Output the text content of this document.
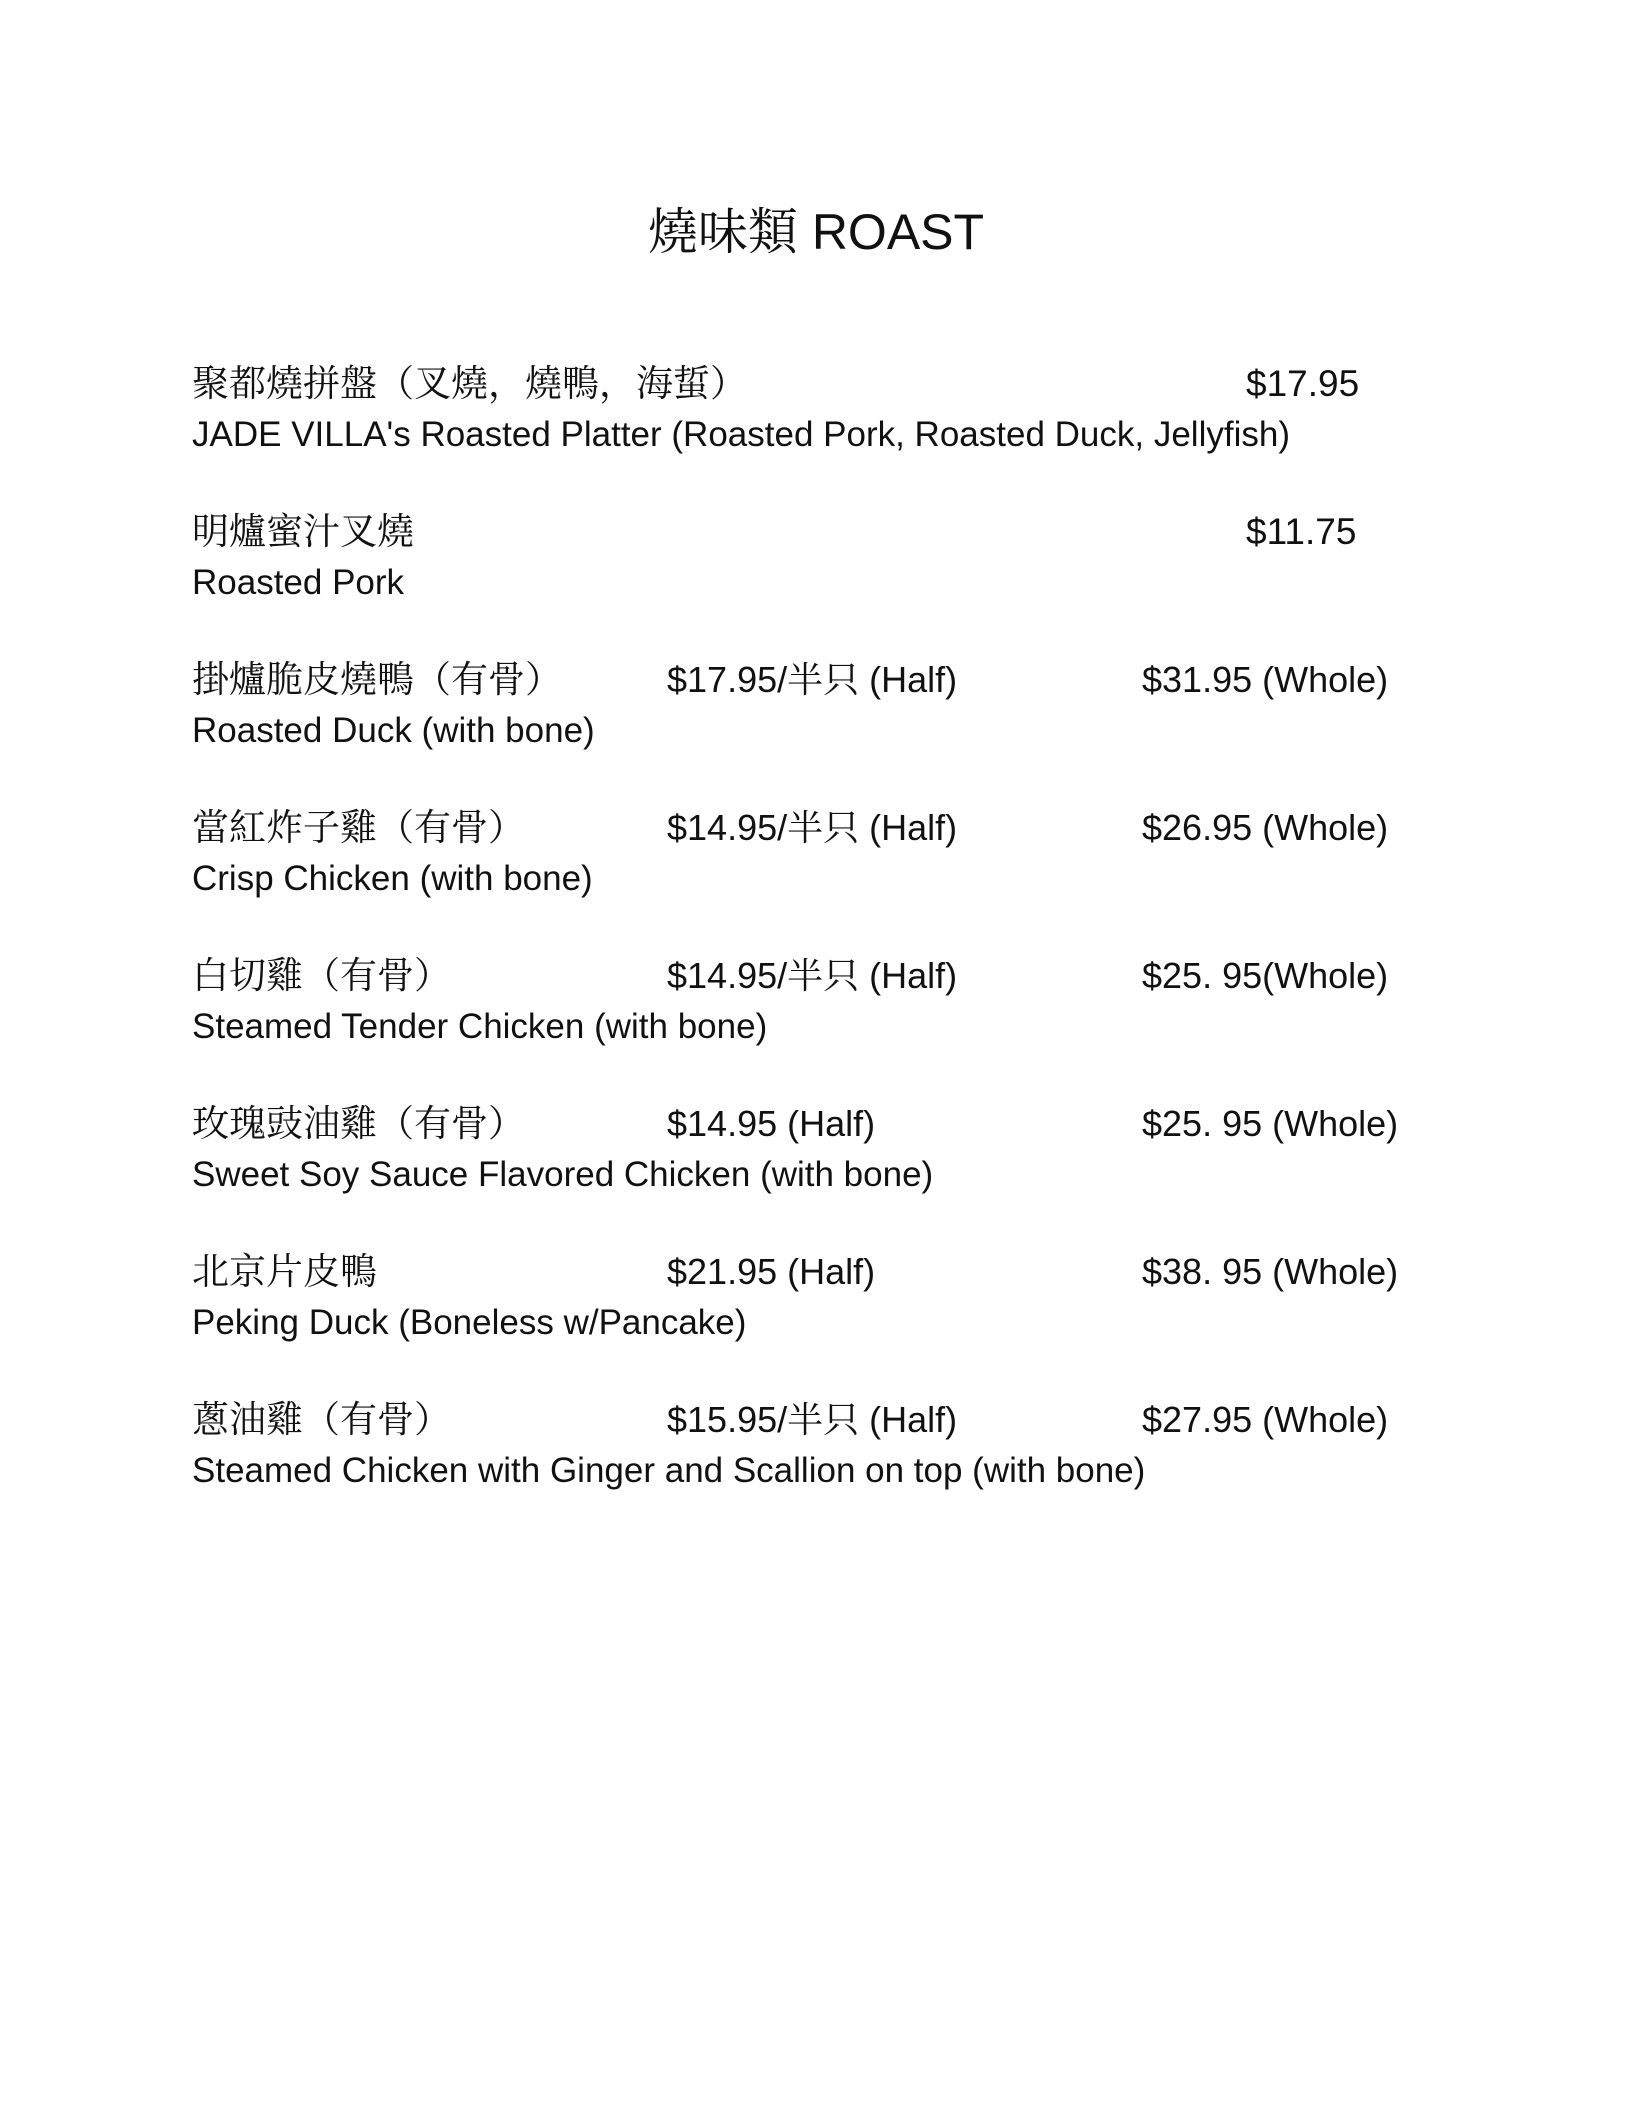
燒味類 ROAST
聚都燒拼盤（叉燒，燒鴨，海蜇）	$17.95
JADE VILLA's Roasted Platter (Roasted Pork, Roasted Duck, Jellyfish)
明爐蜜汁叉燒	$11.75
Roasted Pork
掛爐脆皮燒鴨（有骨）	$17.95/半只 (Half)	$31.95 (Whole)
Roasted Duck (with bone)
當紅炸子雞（有骨）	$14.95/半只 (Half)	$26.95 (Whole)
Crisp Chicken (with bone)
白切雞（有骨）	$14.95/半只 (Half)	$25. 95(Whole)
Steamed Tender Chicken (with bone)
玫瑰豉油雞（有骨）	$14.95 (Half)	$25. 95 (Whole)
Sweet Soy Sauce Flavored Chicken (with bone)
北京片皮鴨	$21.95 (Half)	$38. 95 (Whole)
Peking Duck (Boneless w/Pancake)
蔥油雞（有骨）	$15.95/半只 (Half)	$27.95 (Whole)
Steamed Chicken with Ginger and Scallion on top (with bone)
